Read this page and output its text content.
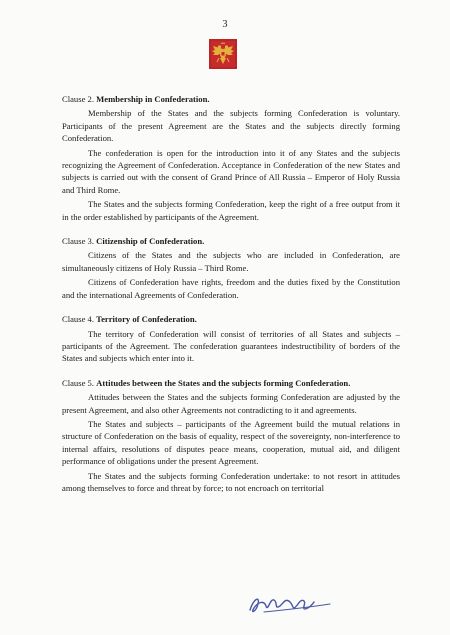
3

Clause 2. Membership in Confederation.

Membership of the States and the subjects forming Confederation is voluntary. Participants of the present Agreement are the States and the subjects directly forming Confederation.

The confederation is open for the introduction into it of any States and the subjects recognizing the Agreement of Confederation. Acceptance in Confederation of the new States and subjects is carried out with the consent of Grand Prince of All Russia – Emperor of Holy Russia and Third Rome.

The States and the subjects forming Confederation, keep the right of a free output from it in the order established by participants of the Agreement.

Clause 3. Citizenship of Confederation.

Citizens of the States and the subjects who are included in Confederation, are simultaneously citizens of Holy Russia – Third Rome.

Citizens of Confederation have rights, freedom and the duties fixed by the Constitution and the international Agreements of Confederation.

Clause 4. Territory of Confederation.

The territory of Confederation will consist of territories of all States and subjects – participants of the Agreement. The confederation guarantees indestructibility of borders of the States and subjects which enter into it.

Clause 5. Attitudes between the States and the subjects forming Confederation.

Attitudes between the States and the subjects forming Confederation are adjusted by the present Agreement, and also other Agreements not contradicting to it and agreements.

The States and subjects – participants of the Agreement build the mutual relations in structure of Confederation on the basis of equality, respect of the sovereignty, non-interference to internal affairs, resolutions of disputes peace means, cooperation, mutual aid, and diligent performance of obligations under the present Agreement.

The States and the subjects forming Confederation undertake: to not resort in attitudes among themselves to force and threat by force; to not encroach on territorial
